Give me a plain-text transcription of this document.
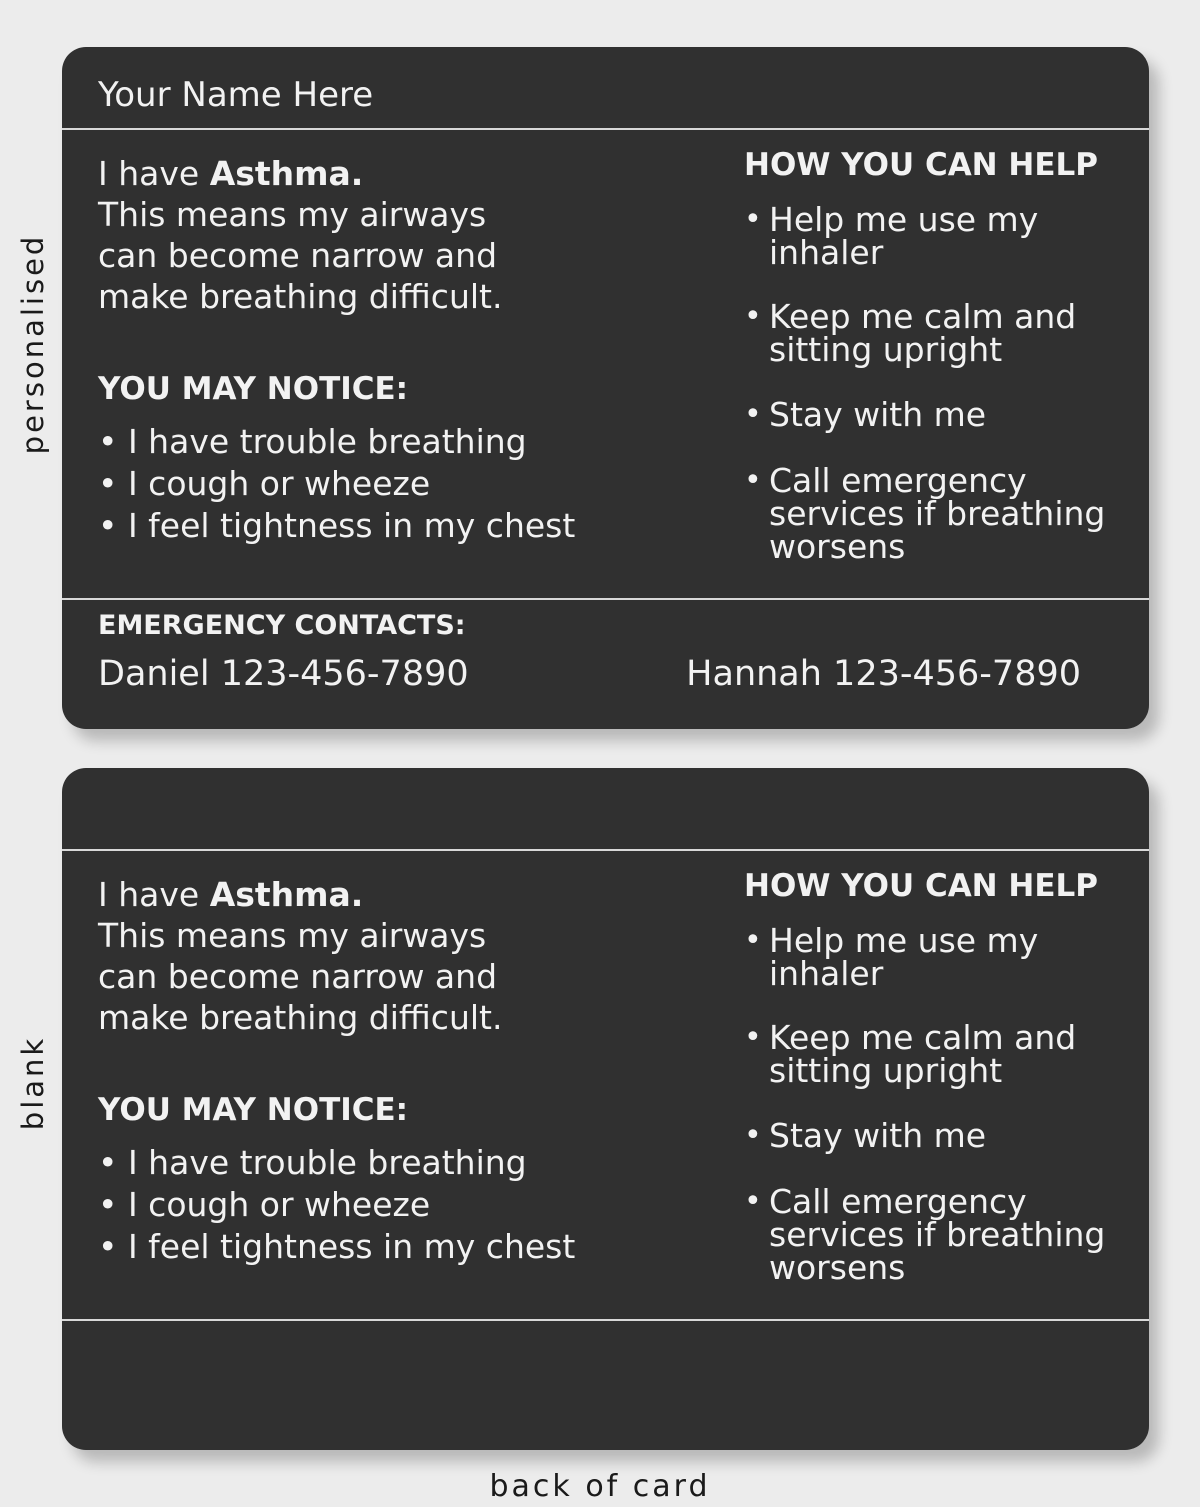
personalised
blank
Your Name Here
I have Asthma.
This means my airways
can become narrow and
make breathing difficult.
YOU MAY NOTICE:
• I have trouble breathing
• I cough or wheeze
• I feel tightness in my chest
HOW YOU CAN HELP
• Help me use my inhaler
• Keep me calm and sitting upright
• Stay with me
• Call emergency services if breathing worsens
EMERGENCY CONTACTS:
Daniel 123-456-7890	Hannah 123-456-7890
I have Asthma.
This means my airways
can become narrow and
make breathing difficult.
YOU MAY NOTICE:
• I have trouble breathing
• I cough or wheeze
• I feel tightness in my chest
HOW YOU CAN HELP
• Help me use my inhaler
• Keep me calm and sitting upright
• Stay with me
• Call emergency services if breathing worsens
back of card
